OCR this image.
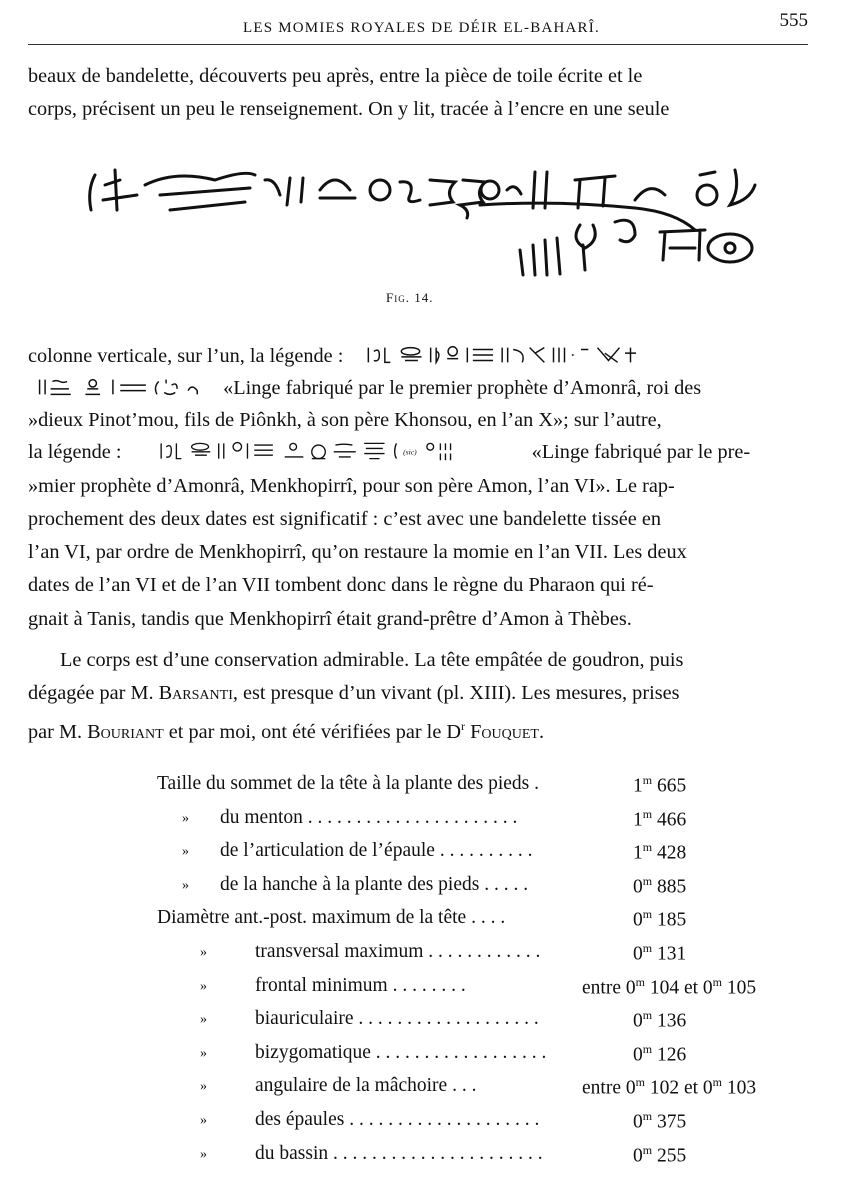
LES MOMIES ROYALES DE DÉIR EL-BAHARÎ.	555
beaux de bandelette, découverts peu après, entre la pièce de toile écrite et le
corps, précisent un peu le renseignement. On y lit, tracée à l’encre en une seule
Fig. 14.
colonne verticale, sur l’un, la légende :
«Linge fabriqué par le premier prophète d’Amonrâ, roi des
»dieux Pinot’mou, fils de Piônkh, à son père Khonsou, en l’an X»; sur l’autre,
la légende :	(sic)	«Linge fabriqué par le pre-
»mier prophète d’Amonrâ, Menkhopirrî, pour son père Amon, l’an VI». Le rap-
prochement des deux dates est significatif : c’est avec une bandelette tissée en
l’an VI, par ordre de Menkhopirrî, qu’on restaure la momie en l’an VII. Les deux
dates de l’an VI et de l’an VII tombent donc dans le règne du Pharaon qui ré-
gnait à Tanis, tandis que Menkhopirrî était grand-prêtre d’Amon à Thèbes.
Le corps est d’une conservation admirable. La tête empâtée de goudron, puis
dégagée par M. Barsanti, est presque d’un vivant (pl. XIII). Les mesures, prises
par M. Bouriant et par moi, ont été vérifiées par le $D^r$ Fouquet.
Taille du sommet de la tête à la plante des pieds .	1$^m$ 665
» du menton . . . . . . . . . . . . . . . . . . . . . .	1$^m$ 466
» de l’articulation de l’épaule . . . . . . . . . .	1$^m$ 428
» de la hanche à la plante des pieds . . . . .	0$^m$ 885
Diamètre ant.-post. maximum de la tête . . . .	0$^m$ 185
» transversal maximum . . . . . . . . . . . .	0$^m$ 131
» frontal minimum . . . . . . . .	entre 0$^m$ 104 et 0$^m$ 105
» biauriculaire . . . . . . . . . . . . . . . . . . .	0$^m$ 136
» bizygomatique . . . . . . . . . . . . . . . . . .	0$^m$ 126
» angulaire de la mâchoire . . .	entre 0$^m$ 102 et 0$^m$ 103
» des épaules . . . . . . . . . . . . . . . . . . . .	0$^m$ 375
» du bassin . . . . . . . . . . . . . . . . . . . . . .	0$^m$ 255
